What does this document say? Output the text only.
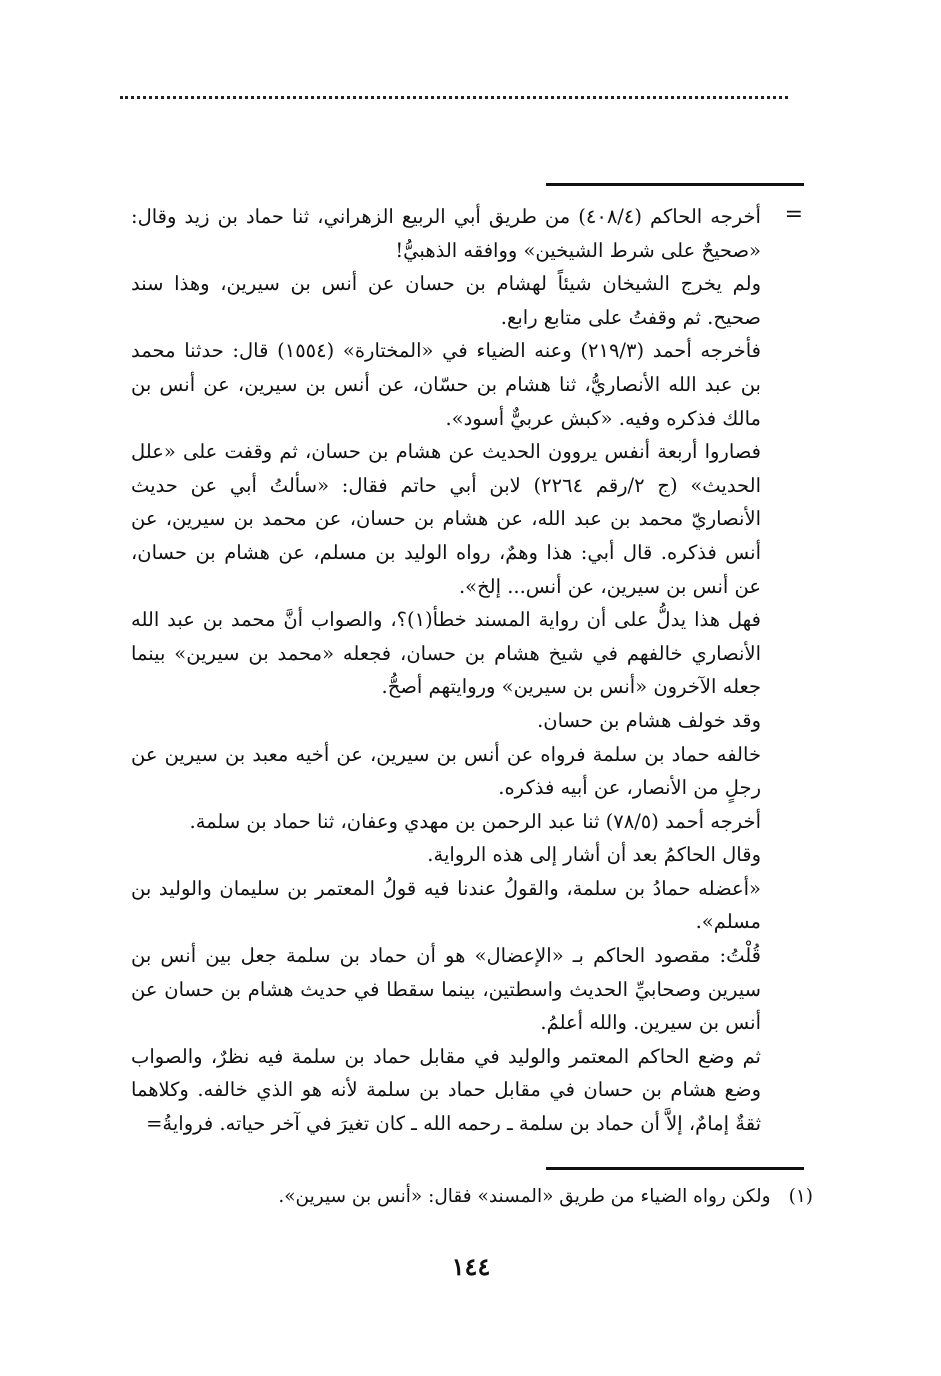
=

أخرجه الحاكم (٤٠٨/٤) من طريق أبي الربيع الزهراني، ثنا حماد بن زيد وقال: «صحيحٌ على شرط الشيخين» ووافقه الذهبيُّ!

ولم يخرج الشيخان شيئاً لهشام بن حسان عن أنس بن سيرين، وهذا سند صحيح. ثم وقفتُ على متابع رابع.

فأخرجه أحمد (٢١٩/٣) وعنه الضياء في «المختارة» (١٥٥٤) قال: حدثنا محمد بن عبد الله الأنصاريُّ، ثنا هشام بن حسّان، عن أنس بن سيرين، عن أنس بن مالك فذكره وفيه. «كبش عربيٌّ أسود».

فصاروا أربعة أنفس يروون الحديث عن هشام بن حسان، ثم وقفت على «علل الحديث» (ج ٢/رقم ٢٢٦٤) لابن أبي حاتم فقال: «سألتُ أبي عن حديث الأنصاريّ محمد بن عبد الله، عن هشام بن حسان، عن محمد بن سيرين، عن أنس فذكره. قال أبي: هذا وهمٌ، رواه الوليد بن مسلم، عن هشام بن حسان، عن أنس بن سيرين، عن أنس... إلخ».

فهل هذا يدلُّ على أن رواية المسند خطأ(١)؟، والصواب أنَّ محمد بن عبد الله الأنصاري خالفهم في شيخ هشام بن حسان، فجعله «محمد بن سيرين» بينما جعله الآخرون «أنس بن سيرين» وروايتهم أصحُّ.

وقد خولف هشام بن حسان.

خالفه حماد بن سلمة فرواه عن أنس بن سيرين، عن أخيه معبد بن سيرين عن رجلٍ من الأنصار، عن أبيه فذكره.

أخرجه أحمد (٧٨/٥) ثنا عبد الرحمن بن مهدي وعفان، ثنا حماد بن سلمة.

وقال الحاكمُ بعد أن أشار إلى هذه الرواية.

«أعضله حمادُ بن سلمة، والقولُ عندنا فيه قولُ المعتمر بن سليمان والوليد بن مسلم».

قُلْتُ: مقصود الحاكم بـ «الإعضال» هو أن حماد بن سلمة جعل بين أنس بن سيرين وصحابيِّ الحديث واسطتين، بينما سقطا في حديث هشام بن حسان عن أنس بن سيرين. والله أعلمُ.

ثم وضع الحاكم المعتمر والوليد في مقابل حماد بن سلمة فيه نظرٌ، والصواب وضع هشام بن حسان في مقابل حماد بن سلمة لأنه هو الذي خالفه. وكلاهما ثقةٌ إمامٌ، إلاَّ أن حماد بن سلمة ـ رحمه الله ـ كان تغيرَ في آخر حياته. فروايةُ=

(١)
ولكن رواه الضياء من طريق «المسند» فقال: «أنس بن سيرين».
١٤٤
